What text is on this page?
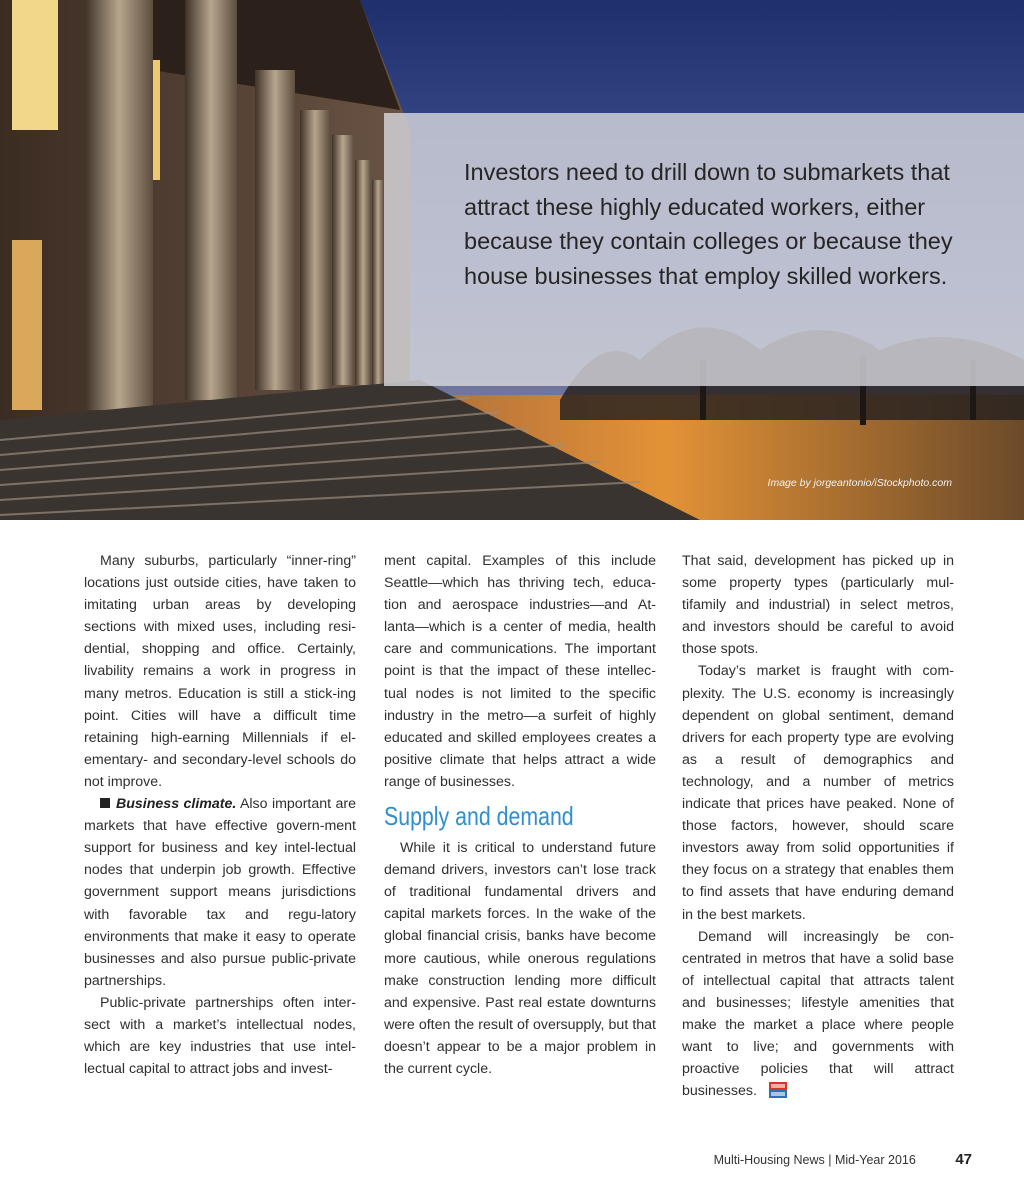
Investors need to drill down to submarkets that attract these highly educated workers, either because they contain colleges or because they house businesses that employ skilled workers.

Image by jorgeantonio/iStockphoto.com

Many suburbs, particularly “inner-ring” locations just outside cities, have taken to imitating urban areas by developing sections with mixed uses, including resi-dential, shopping and office. Certainly, livability remains a work in progress in many metros. Education is still a stick-ing point. Cities will have a difficult time retaining high-earning Millennials if el-ementary- and secondary-level schools do not improve.

Business climate. Also important are markets that have effective govern-ment support for business and key intel-lectual nodes that underpin job growth. Effective government support means jurisdictions with favorable tax and regu-latory environments that make it easy to operate businesses and also pursue public-private partnerships.

Public-private partnerships often inter-sect with a market’s intellectual nodes, which are key industries that use intel-lectual capital to attract jobs and invest-

ment capital. Examples of this include Seattle—which has thriving tech, educa-tion and aerospace industries—and At-lanta—which is a center of media, health care and communications. The important point is that the impact of these intellec-tual nodes is not limited to the specific industry in the metro—a surfeit of highly educated and skilled employees creates a positive climate that helps attract a wide range of businesses.

Supply and demand

While it is critical to understand future demand drivers, investors can’t lose track of traditional fundamental drivers and capital markets forces. In the wake of the global financial crisis, banks have become more cautious, while onerous regulations make construction lending more difficult and expensive. Past real estate downturns were often the result of oversupply, but that doesn’t appear to be a major problem in the current cycle.

That said, development has picked up in some property types (particularly mul-tifamily and industrial) in select metros, and investors should be careful to avoid those spots.

Today’s market is fraught with com-plexity. The U.S. economy is increasingly dependent on global sentiment, demand drivers for each property type are evolving as a result of demographics and technology, and a number of metrics indicate that prices have peaked. None of those factors, however, should scare investors away from solid opportunities if they focus on a strategy that enables them to find assets that have enduring demand in the best markets.

Demand will increasingly be con-centrated in metros that have a solid base of intellectual capital that attracts talent and businesses; lifestyle amenities that make the market a place where people want to live; and governments with proactive policies that will attract businesses.

Multi-Housing News | Mid-Year 2016	47
